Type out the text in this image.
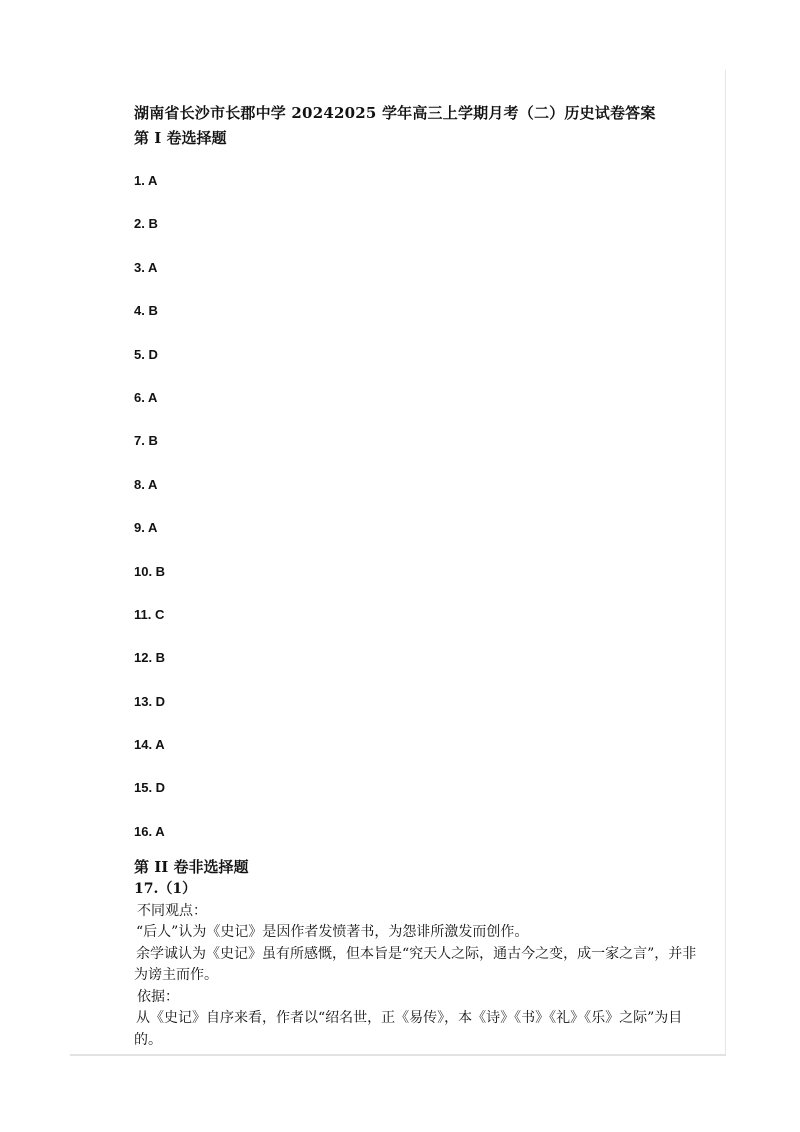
湖南省长沙市长郡中学 20242025 学年高三上学期月考（二）历史试卷答案
第 I 卷选择题
1. A
2. B
3. A
4. B
5. D
6. A
7. B
8. A
9. A
10. B
11. C
12. B
13. D
14. A
15. D
16. A
第 II 卷非选择题

17.（1）

不同观点：

“后人”认为《史记》是因作者发愤著书，为怨诽所激发而创作。

余学诚认为《史记》虽有所感慨，但本旨是“究天人之际，通古今之变，成一家之言”，并非为谤主而作。

依据：

从《史记》自序来看，作者以“绍名世，正《易传》，本《诗》《书》《礼》《乐》之际”为目的。
